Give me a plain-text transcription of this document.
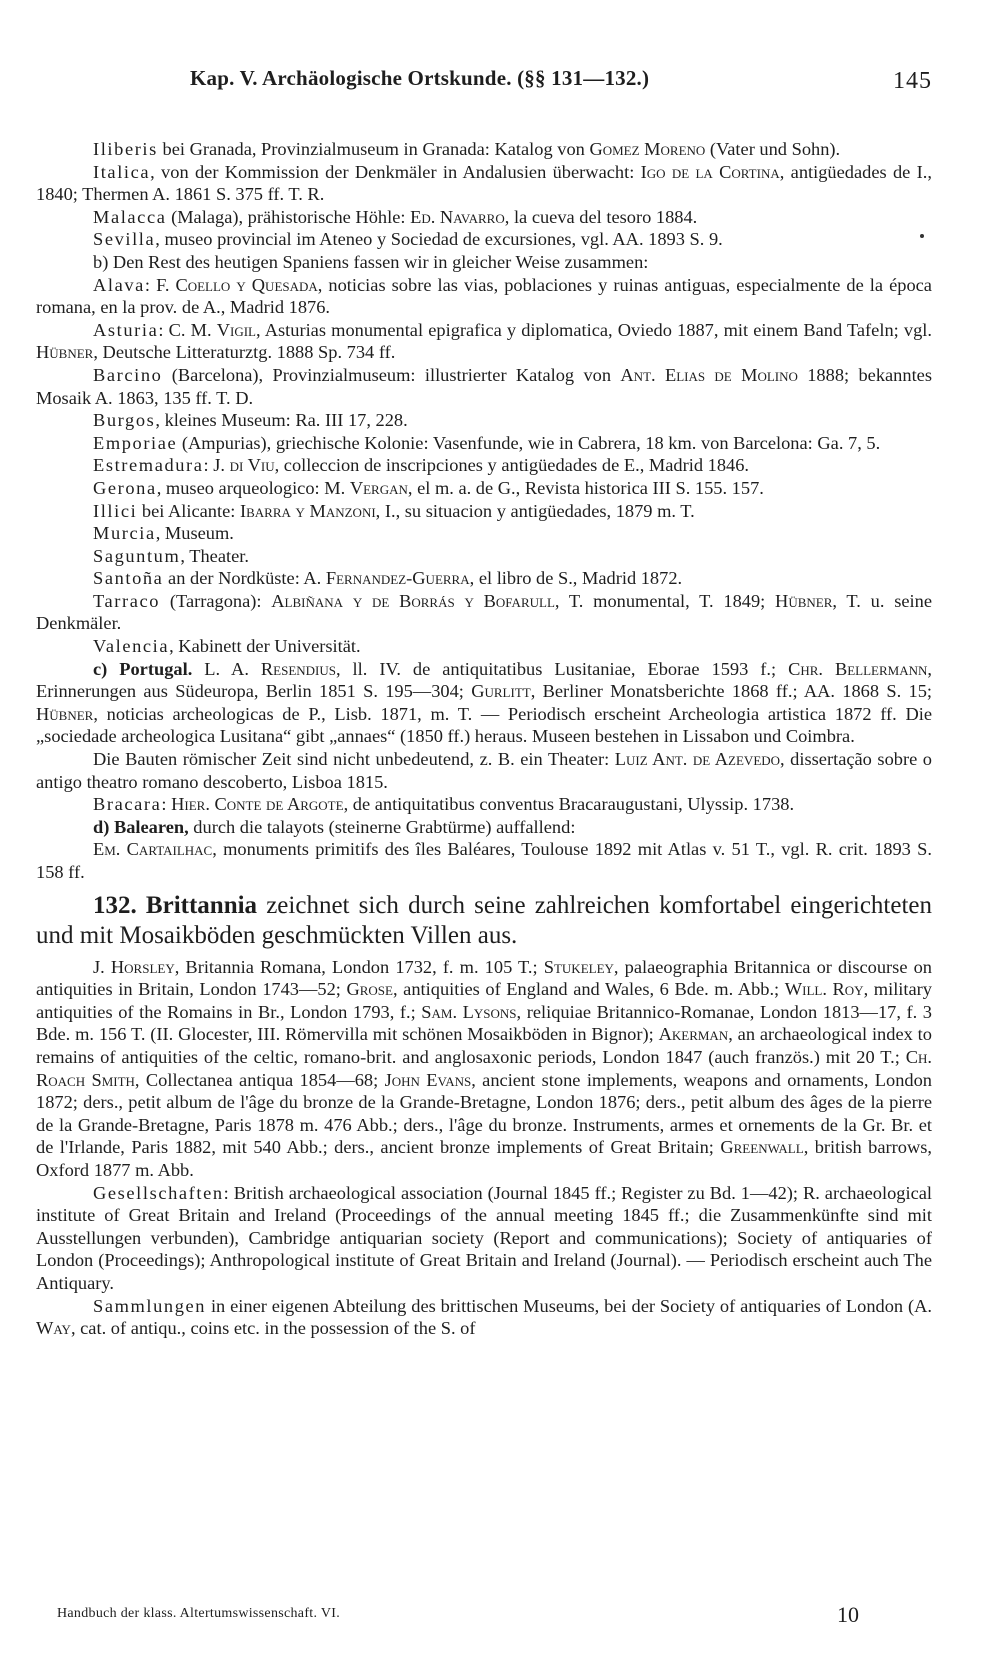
Kap. V. Archäologische Ortskunde. (§§ 131—132.)	145

Iliberis bei Granada, Provinzialmuseum in Granada: Katalog von Gomez Moreno (Vater und Sohn).

Italica, von der Kommission der Denkmäler in Andalusien überwacht: Igo de la Cortina, antigüedades de I., 1840; Thermen A. 1861 S. 375 ff. T. R.

Malacca (Malaga), prähistorische Höhle: Ed. Navarro, la cueva del tesoro 1884.

Sevilla, museo provincial im Ateneo y Sociedad de excursiones, vgl. AA. 1893 S. 9.

b) Den Rest des heutigen Spaniens fassen wir in gleicher Weise zusammen:

Alava: F. Coello y Quesada, noticias sobre las vias, poblaciones y ruinas antiguas, especialmente de la época romana, en la prov. de A., Madrid 1876.

Asturia: C. M. Vigil, Asturias monumental epigrafica y diplomatica, Oviedo 1887, mit einem Band Tafeln; vgl. Hübner, Deutsche Litteraturztg. 1888 Sp. 734 ff.

Barcino (Barcelona), Provinzialmuseum: illustrierter Katalog von Ant. Elias de Molino 1888; bekanntes Mosaik A. 1863, 135 ff. T. D.

Burgos, kleines Museum: Ra. III 17, 228.

Emporiae (Ampurias), griechische Kolonie: Vasenfunde, wie in Cabrera, 18 km. von Barcelona: Ga. 7, 5.

Estremadura: J. di Viu, colleccion de inscripciones y antigüedades de E., Madrid 1846.

Gerona, museo arqueologico: M. Vergan, el m. a. de G., Revista historica III S. 155. 157.

Illici bei Alicante: Ibarra y Manzoni, I., su situacion y antigüedades, 1879 m. T.

Murcia, Museum.

Saguntum, Theater.

Santoña an der Nordküste: A. Fernandez-Guerra, el libro de S., Madrid 1872.

Tarraco (Tarragona): Albiñana y de Borrás y Bofarull, T. monumental, T. 1849; Hübner, T. u. seine Denkmäler.

Valencia, Kabinett der Universität.

c) Portugal. L. A. Resendius, ll. IV. de antiquitatibus Lusitaniae, Eborae 1593 f.; Chr. Bellermann, Erinnerungen aus Südeuropa, Berlin 1851 S. 195—304; Gurlitt, Berliner Monatsberichte 1868 ff.; AA. 1868 S. 15; Hübner, noticias archeologicas de P., Lisb. 1871, m. T. — Periodisch erscheint Archeologia artistica 1872 ff. Die „sociedade archeologica Lusitana“ gibt „annaes“ (1850 ff.) heraus. Museen bestehen in Lissabon und Coimbra.

Die Bauten römischer Zeit sind nicht unbedeutend, z. B. ein Theater: Luiz Ant. de Azevedo, dissertação sobre o antigo theatro romano descoberto, Lisboa 1815.

Bracara: Hier. Conte de Argote, de antiquitatibus conventus Bracaraugustani, Ulyssip. 1738.

d) Balearen, durch die talayots (steinerne Grabtürme) auffallend:

Em. Cartailhac, monuments primitifs des îles Baléares, Toulouse 1892 mit Atlas v. 51 T., vgl. R. crit. 1893 S. 158 ff.

132. Brittannia zeichnet sich durch seine zahlreichen komfortabel eingerichteten und mit Mosaikböden geschmückten Villen aus.

J. Horsley, Britannia Romana, London 1732, f. m. 105 T.; Stukeley, palaeographia Britannica or discourse on antiquities in Britain, London 1743—52; Grose, antiquities of England and Wales, 6 Bde. m. Abb.; Will. Roy, military antiquities of the Romains in Br., London 1793, f.; Sam. Lysons, reliquiae Britannico-Romanae, London 1813—17, f. 3 Bde. m. 156 T. (II. Glocester, III. Römervilla mit schönen Mosaikböden in Bignor); Akerman, an archaeological index to remains of antiquities of the celtic, romano-brit. and anglosaxonic periods, London 1847 (auch französ.) mit 20 T.; Ch. Roach Smith, Collectanea antiqua 1854—68; John Evans, ancient stone implements, weapons and ornaments, London 1872; ders., petit album de l'âge du bronze de la Grande-Bretagne, London 1876; ders., petit album des âges de la pierre de la Grande-Bretagne, Paris 1878 m. 476 Abb.; ders., l'âge du bronze. Instruments, armes et ornements de la Gr. Br. et de l'Irlande, Paris 1882, mit 540 Abb.; ders., ancient bronze implements of Great Britain; Greenwall, british barrows, Oxford 1877 m. Abb.

Gesellschaften: British archaeological association (Journal 1845 ff.; Register zu Bd. 1—42); R. archaeological institute of Great Britain and Ireland (Proceedings of the annual meeting 1845 ff.; die Zusammenkünfte sind mit Ausstellungen verbunden), Cambridge antiquarian society (Report and communications); Society of antiquaries of London (Proceedings); Anthropological institute of Great Britain and Ireland (Journal). — Periodisch erscheint auch The Antiquary.

Sammlungen in einer eigenen Abteilung des brittischen Museums, bei der Society of antiquaries of London (A. Way, cat. of antiqu., coins etc. in the possession of the S. of

Handbuch der klass. Altertumswissenschaft. VI.	10
